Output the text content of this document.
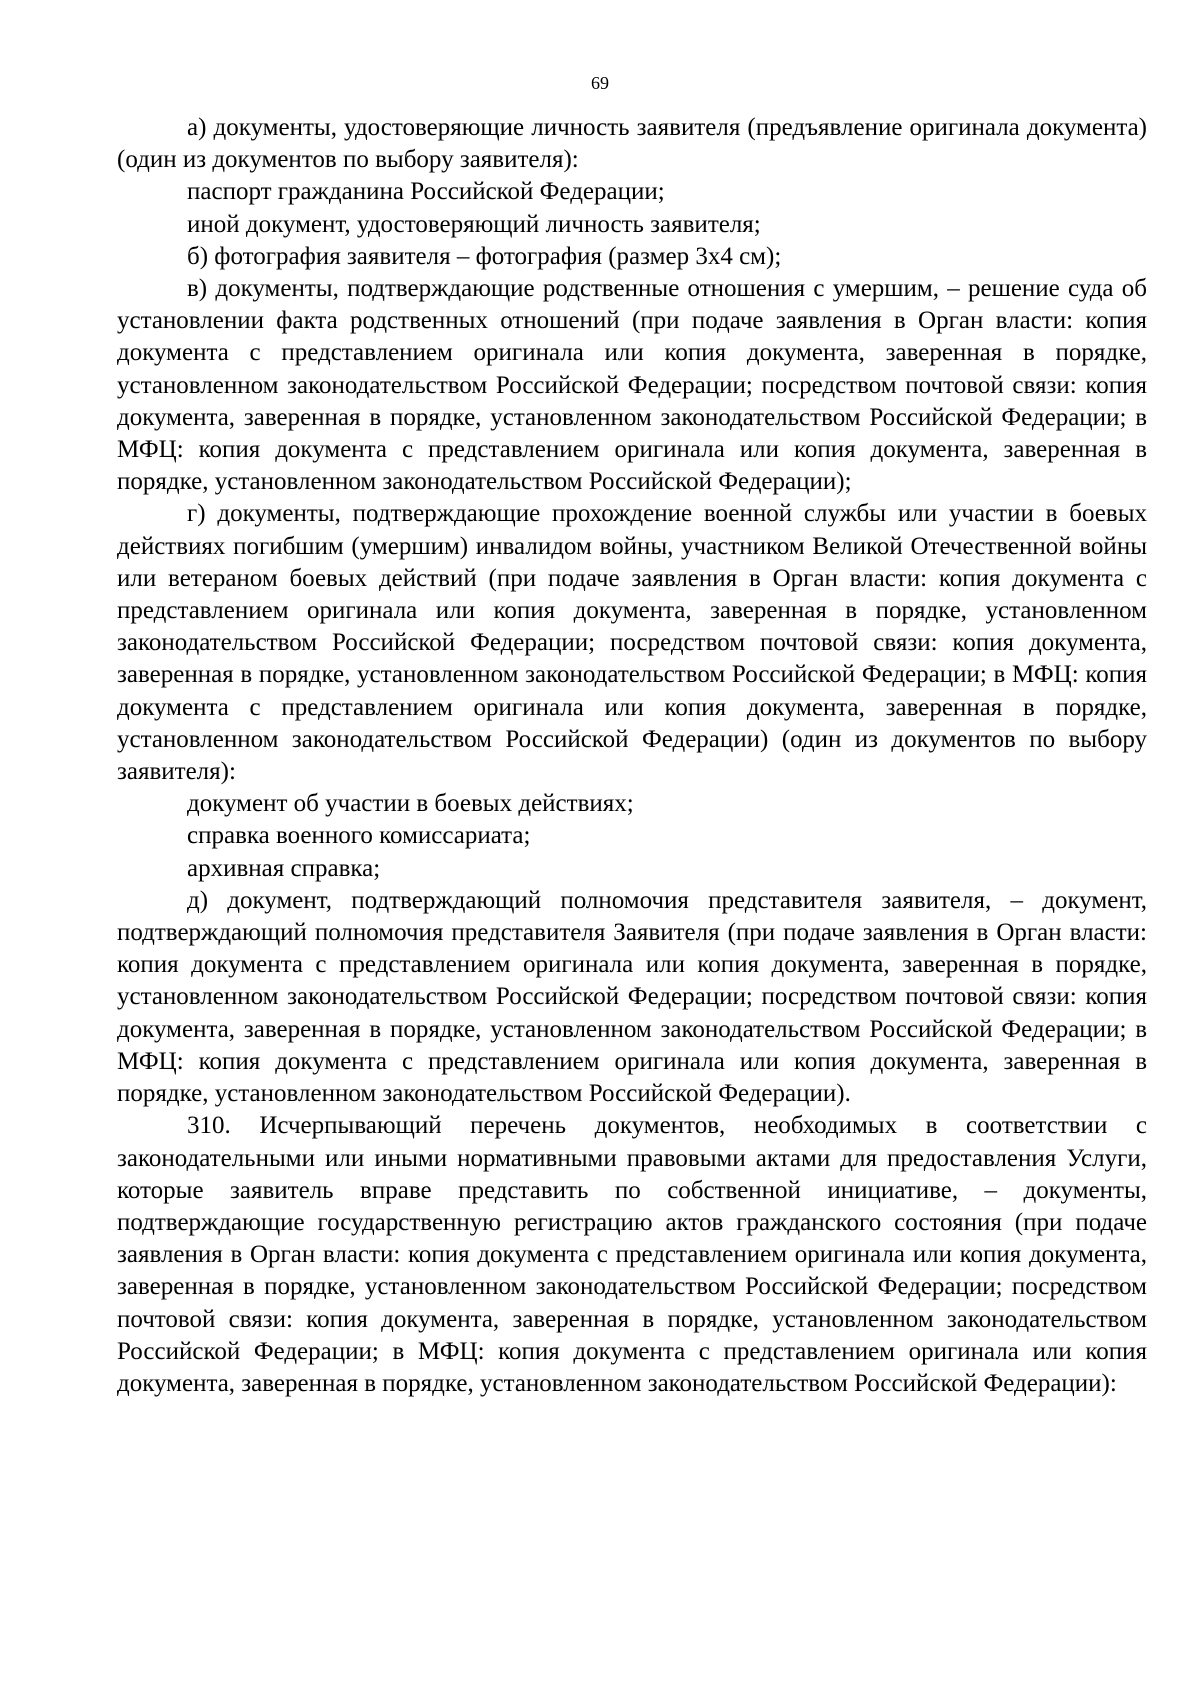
69

а) документы, удостоверяющие личность заявителя (предъявление оригинала документа) (один из документов по выбору заявителя):

паспорт гражданина Российской Федерации;

иной документ, удостоверяющий личность заявителя;

б) фотография заявителя – фотография (размер 3х4 см);

в) документы, подтверждающие родственные отношения с умершим, – решение суда об установлении факта родственных отношений (при подаче заявления в Орган власти: копия документа с представлением оригинала или копия документа, заверенная в порядке, установленном законодательством Российской Федерации; посредством почтовой связи: копия документа, заверенная в порядке, установленном законодательством Российской Федерации; в МФЦ: копия документа с представлением оригинала или копия документа, заверенная в порядке, установленном законодательством Российской Федерации);

г) документы, подтверждающие прохождение военной службы или участии в боевых действиях погибшим (умершим) инвалидом войны, участником Великой Отечественной войны или ветераном боевых действий (при подаче заявления в Орган власти: копия документа с представлением оригинала или копия документа, заверенная в порядке, установленном законодательством Российской Федерации; посредством почтовой связи: копия документа, заверенная в порядке, установленном законодательством Российской Федерации; в МФЦ: копия документа с представлением оригинала или копия документа, заверенная в порядке, установленном законодательством Российской Федерации) (один из документов по выбору заявителя):

документ об участии в боевых действиях;

справка военного комиссариата;

архивная справка;

д) документ, подтверждающий полномочия представителя заявителя, – документ, подтверждающий полномочия представителя Заявителя (при подаче заявления в Орган власти: копия документа с представлением оригинала или копия документа, заверенная в порядке, установленном законодательством Российской Федерации; посредством почтовой связи: копия документа, заверенная в порядке, установленном законодательством Российской Федерации; в МФЦ: копия документа с представлением оригинала или копия документа, заверенная в порядке, установленном законодательством Российской Федерации).

310. Исчерпывающий перечень документов, необходимых в соответствии с законодательными или иными нормативными правовыми актами для предоставления Услуги, которые заявитель вправе представить по собственной инициативе, – документы, подтверждающие государственную регистрацию актов гражданского состояния (при подаче заявления в Орган власти: копия документа с представлением оригинала или копия документа, заверенная в порядке, установленном законодательством Российской Федерации; посредством почтовой связи: копия документа, заверенная в порядке, установленном законодательством Российской Федерации; в МФЦ: копия документа с представлением оригинала или копия документа, заверенная в порядке, установленном законодательством Российской Федерации):
